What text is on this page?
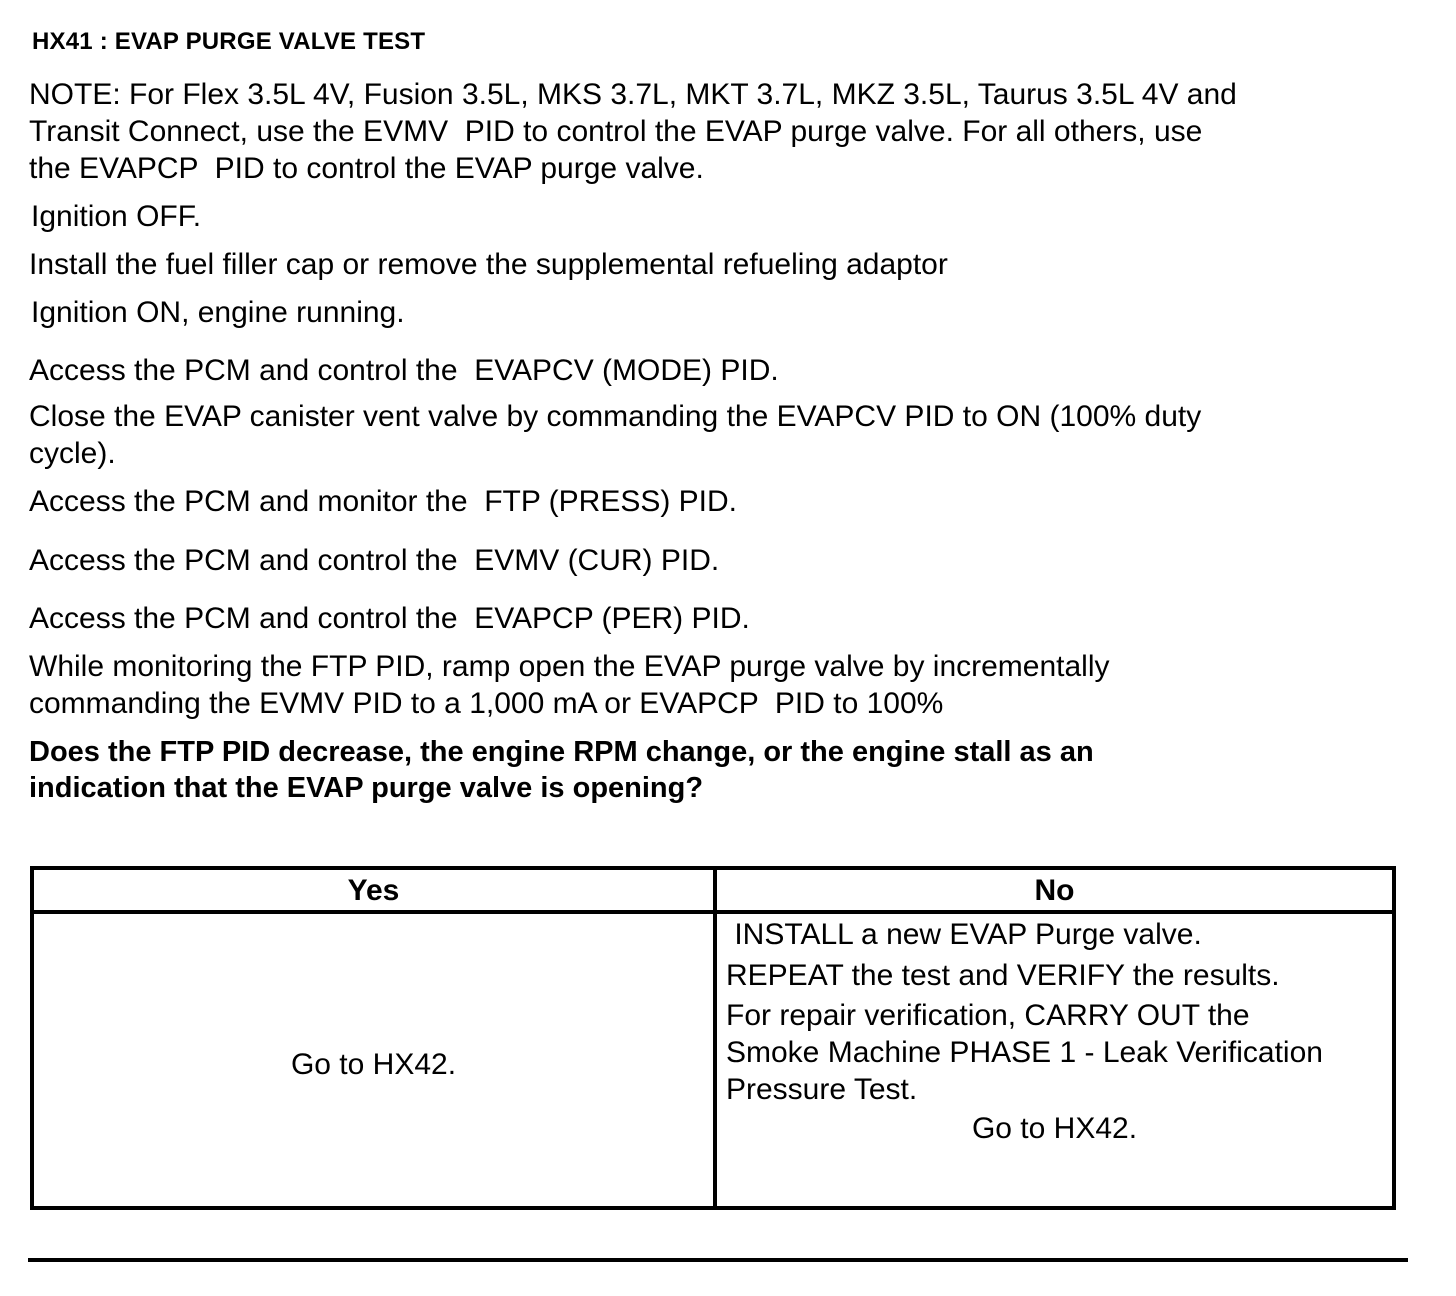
HX41 : EVAP PURGE VALVE TEST
NOTE: For Flex 3.5L 4V, Fusion 3.5L, MKS 3.7L, MKT 3.7L, MKZ 3.5L, Taurus 3.5L 4V and
Transit Connect, use the EVMV  PID to control the EVAP purge valve. For all others, use
the EVAPCP  PID to control the EVAP purge valve.
Ignition OFF.
Install the fuel filler cap or remove the supplemental refueling adaptor
Ignition ON, engine running.
Access the PCM and control the  EVAPCV (MODE) PID.
Close the EVAP canister vent valve by commanding the EVAPCV PID to ON (100% duty
cycle).
Access the PCM and monitor the  FTP (PRESS) PID.
Access the PCM and control the  EVMV (CUR) PID.
Access the PCM and control the  EVAPCP (PER) PID.
While monitoring the FTP PID, ramp open the EVAP purge valve by incrementally
commanding the EVMV PID to a 1,000 mA or EVAPCP  PID to 100%
Does the FTP PID decrease, the engine RPM change, or the engine stall as an
indication that the EVAP purge valve is opening?
Yes	No
Go to HX42.
INSTALL a new EVAP Purge valve.
REPEAT the test and VERIFY the results.
For repair verification, CARRY OUT the
Smoke Machine PHASE 1 - Leak Verification
Pressure Test.
Go to HX42.
